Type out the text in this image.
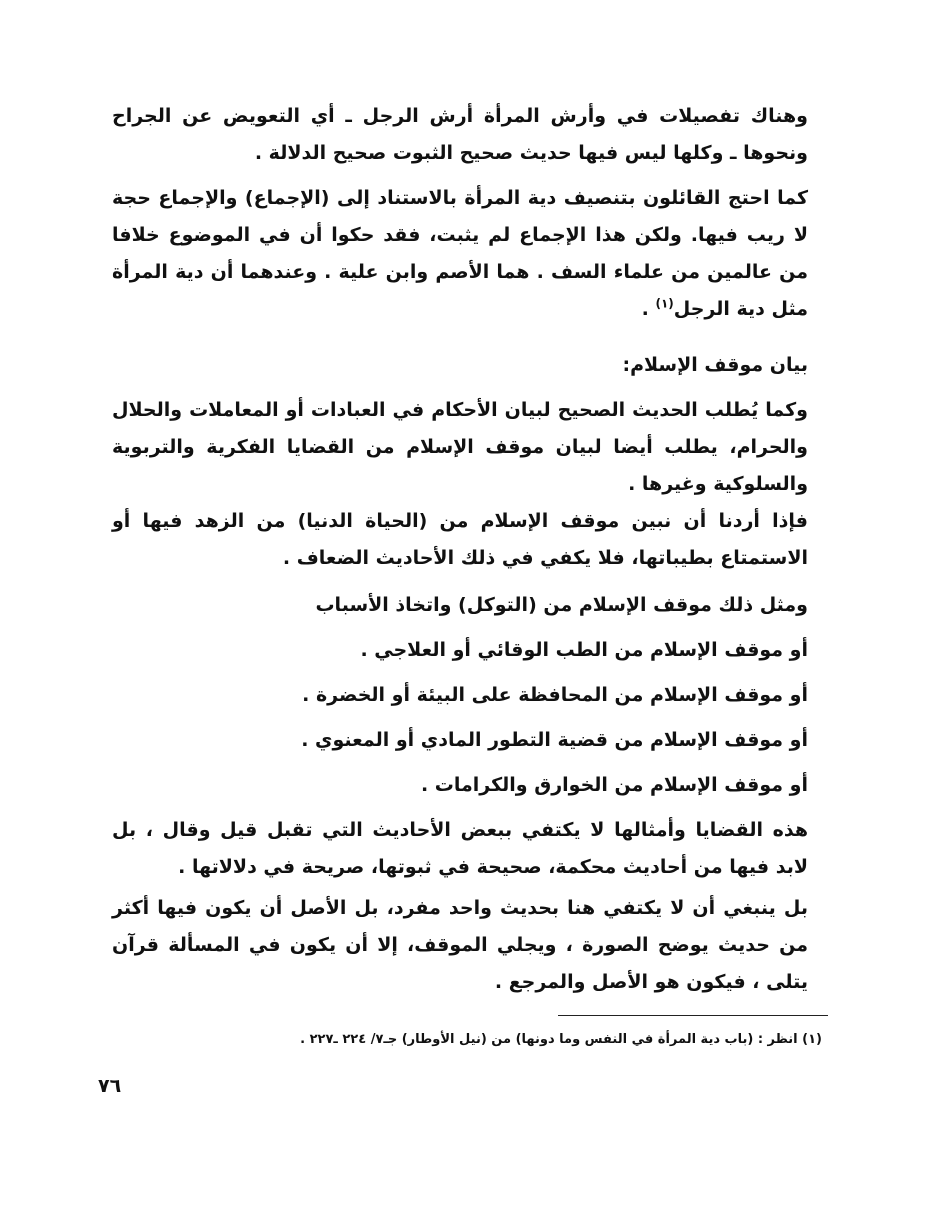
وهناك تفصيلات في وأرش المرأة أرش الرجل ـ أي التعويض عن الجراح ونحوها ـ وكلها ليس فيها حديث صحيح الثبوت صحيح الدلالة .

كما احتج القائلون بتنصيف دية المرأة بالاستناد إلى (الإجماع) والإجماع حجة لا ريب فيها. ولكن هذا الإجماع لم يثبت، فقد حكوا أن في الموضوع خلافا من عالمين من علماء السف . هما الأصم وابن علية . وعندهما أن دية المرأة مثل دية الرجل$^{(١)}$ .

بيان موقف الإسلام:

وكما يُطلب الحديث الصحيح لبيان الأحكام في العبادات أو المعاملات والحلال والحرام، يطلب أيضا لبيان موقف الإسلام من القضايا الفكرية والتربوية والسلوكية وغيرها .

فإذا أردنا أن نبين موقف الإسلام من (الحياة الدنيا) من الزهد فيها أو الاستمتاع بطيباتها، فلا يكفي في ذلك الأحاديث الضعاف .

ومثل ذلك موقف الإسلام من (التوكل) واتخاذ الأسباب

أو موقف الإسلام من الطب الوقائي أو العلاجي .

أو موقف الإسلام من المحافظة على البيئة أو الخضرة .

أو موقف الإسلام من قضية التطور المادي أو المعنوي .

أو موقف الإسلام من الخوارق والكرامات .

هذه القضايا وأمثالها لا يكتفي ببعض الأحاديث التي تقبل قيل وقال ، بل لابد فيها من أحاديث محكمة، صحيحة في ثبوتها، صريحة في دلالاتها .

بل ينبغي أن لا يكتفي هنا بحديث واحد مفرد، بل الأصل أن يكون فيها أكثر من حديث يوضح الصورة ، ويجلي الموقف، إلا أن يكون في المسألة قرآن يتلى ، فيكون هو الأصل والمرجع .

(١) انظر : (باب دية المرأة في النفس وما دونها) من (نيل الأوطار) جـ٧/ ٢٢٤ ـ٢٢٧ .

٧٦
